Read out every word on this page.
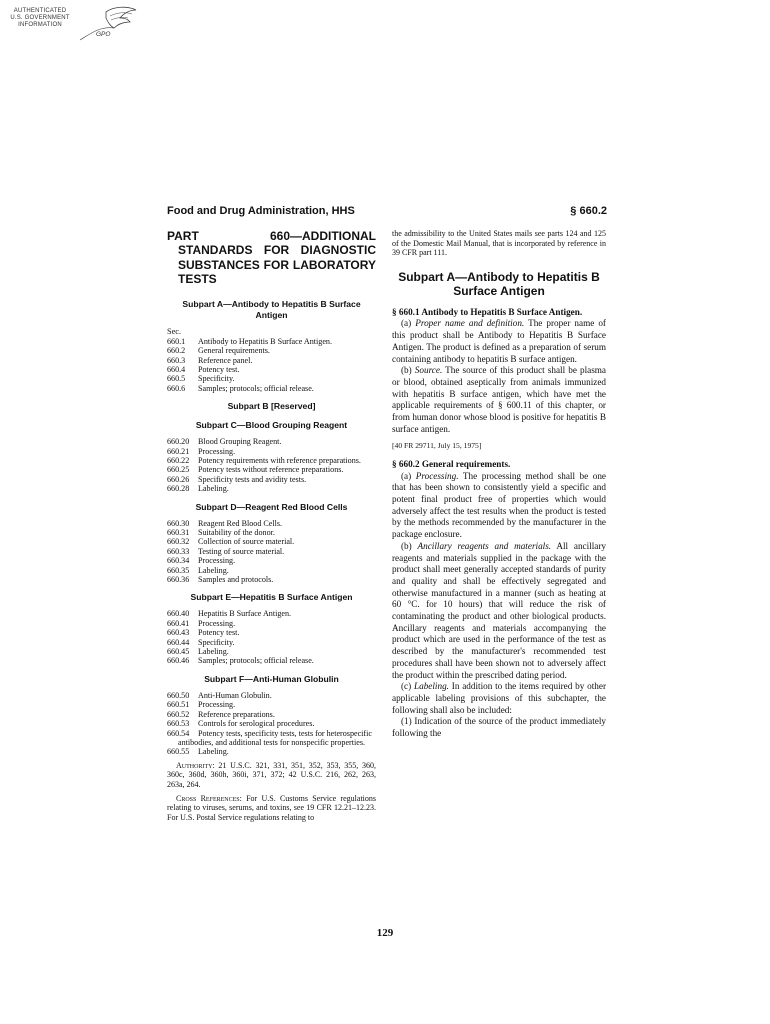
AUTHENTICATED
U.S. GOVERNMENT
INFORMATION
GPO
Food and Drug Administration, HHS	§ 660.2
PART 660—ADDITIONAL STANDARDS FOR DIAGNOSTIC SUBSTANCES FOR LABORATORY TESTS
Subpart A—Antibody to Hepatitis B Surface Antigen
Sec.
660.1 Antibody to Hepatitis B Surface Antigen.
660.2 General requirements.
660.3 Reference panel.
660.4 Potency test.
660.5 Specificity.
660.6 Samples; protocols; official release.
Subpart B [Reserved]
Subpart C—Blood Grouping Reagent
660.20 Blood Grouping Reagent.
660.21 Processing.
660.22 Potency requirements with reference preparations.
660.25 Potency tests without reference preparations.
660.26 Specificity tests and avidity tests.
660.28 Labeling.
Subpart D—Reagent Red Blood Cells
660.30 Reagent Red Blood Cells.
660.31 Suitability of the donor.
660.32 Collection of source material.
660.33 Testing of source material.
660.34 Processing.
660.35 Labeling.
660.36 Samples and protocols.
Subpart E—Hepatitis B Surface Antigen
660.40 Hepatitis B Surface Antigen.
660.41 Processing.
660.43 Potency test.
660.44 Specificity.
660.45 Labeling.
660.46 Samples; protocols; official release.
Subpart F—Anti-Human Globulin
660.50 Anti-Human Globulin.
660.51 Processing.
660.52 Reference preparations.
660.53 Controls for serological procedures.
660.54 Potency tests, specificity tests, tests for heterospecific antibodies, and additional tests for nonspecific properties.
660.55 Labeling.

Authority: 21 U.S.C. 321, 331, 351, 352, 353, 355, 360, 360c, 360d, 360h, 360i, 371, 372; 42 U.S.C. 216, 262, 263, 263a, 264.

Cross References: For U.S. Customs Service regulations relating to viruses, serums, and toxins, see 19 CFR 12.21–12.23. For U.S. Postal Service regulations relating to

the admissibility to the United States mails see parts 124 and 125 of the Domestic Mail Manual, that is incorporated by reference in 39 CFR part 111.

Subpart A—Antibody to Hepatitis B Surface Antigen
§ 660.1 Antibody to Hepatitis B Surface Antigen.

(a) Proper name and definition. The proper name of this product shall be Antibody to Hepatitis B Surface Antigen. The product is defined as a preparation of serum containing antibody to hepatitis B surface antigen.

(b) Source. The source of this product shall be plasma or blood, obtained aseptically from animals immunized with hepatitis B surface antigen, which have met the applicable requirements of § 600.11 of this chapter, or from human donor whose blood is positive for hepatitis B surface antigen.

[40 FR 29711, July 15, 1975]
§ 660.2 General requirements.

(a) Processing. The processing method shall be one that has been shown to consistently yield a specific and potent final product free of properties which would adversely affect the test results when the product is tested by the methods recommended by the manufacturer in the package enclosure.

(b) Ancillary reagents and materials. All ancillary reagents and materials supplied in the package with the product shall meet generally accepted standards of purity and quality and shall be effectively segregated and otherwise manufactured in a manner (such as heating at 60 °C. for 10 hours) that will reduce the risk of contaminating the product and other biological products. Ancillary reagents and materials accompanying the product which are used in the performance of the test as described by the manufacturer's recommended test procedures shall have been shown not to adversely affect the product within the prescribed dating period.

(c) Labeling. In addition to the items required by other applicable labeling provisions of this subchapter, the following shall also be included:

(1) Indication of the source of the product immediately following the

129
